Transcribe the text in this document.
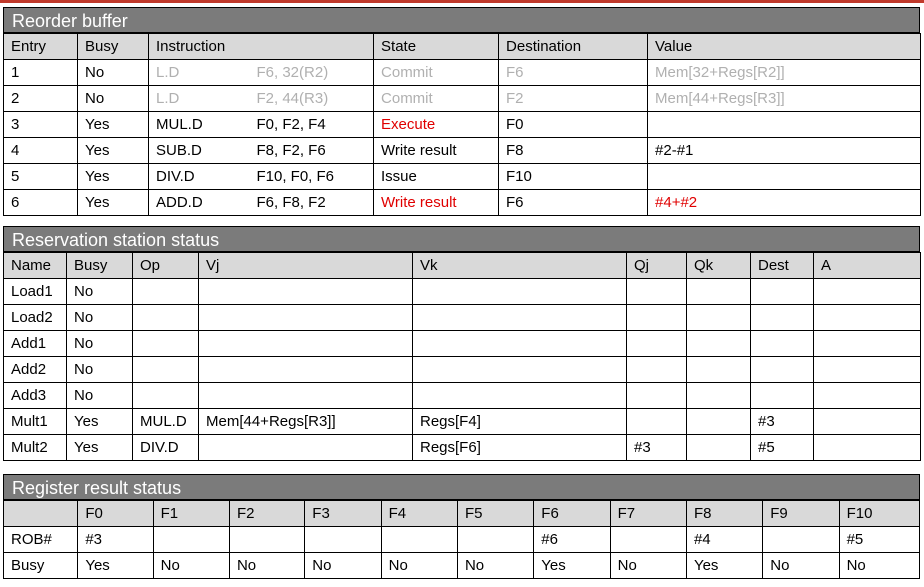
Reorder buffer
Entry	Busy	Instruction		State	Destination	Value
1	No	L.D	F6, 32(R2)	Commit	F6	Mem[32+Regs[R2]]
2	No	L.D	F2, 44(R3)	Commit	F2	Mem[44+Regs[R3]]
3	Yes	MUL.D	F0, F2, F4	Execute	F0	
4	Yes	SUB.D	F8, F2, F6	Write result	F8	#2-#1
5	Yes	DIV.D	F10, F0, F6	Issue	F10	
6	Yes	ADD.D	F6, F8, F2	Write result	F6	#4+#2
Reservation station status
Name	Busy	Op	Vj	Vk	Qj	Qk	Dest	A
Load1	No							
Load2	No							
Add1	No							
Add2	No							
Add3	No							
Mult1	Yes	MUL.D	Mem[44+Regs[R3]]	Regs[F4]			#3	
Mult2	Yes	DIV.D		Regs[F6]	#3		#5	
Register result status
	F0	F1	F2	F3	F4	F5	F6	F7	F8	F9	F10
ROB#	#3						#6		#4		#5
Busy	Yes	No	No	No	No	No	Yes	No	Yes	No	No
